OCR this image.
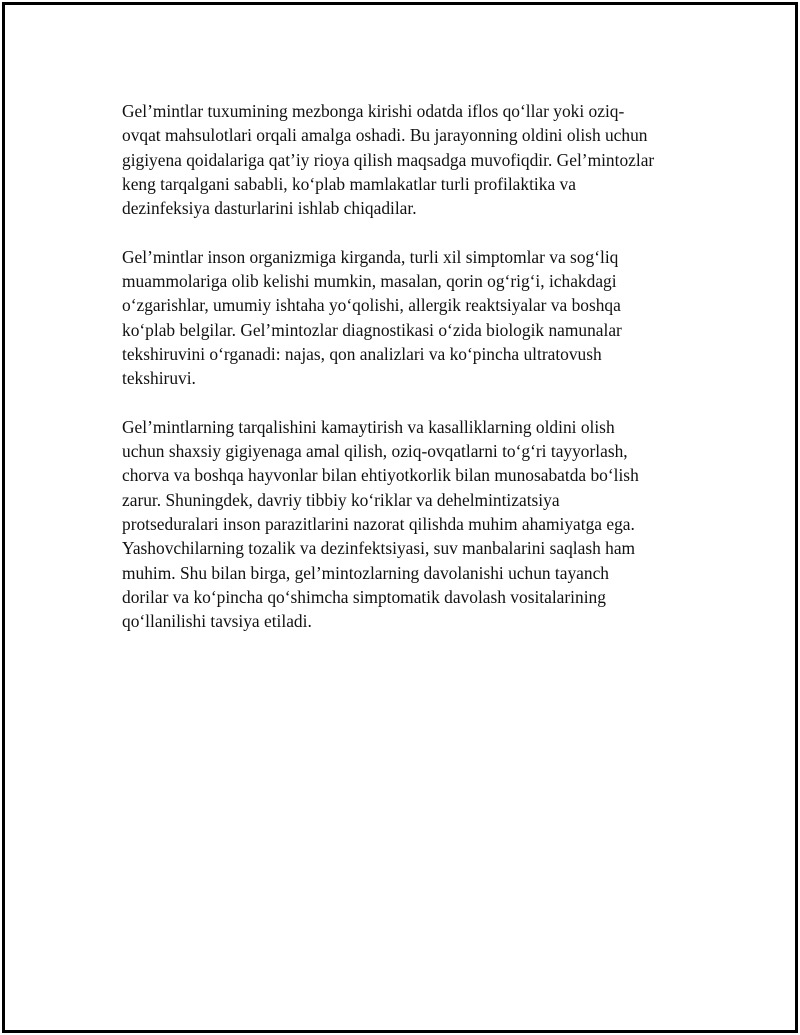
Gel’mintlar tuxumining mezbonga kirishi odatda iflos qo‘llar yoki oziq-
ovqat mahsulotlari orqali amalga oshadi. Bu jarayonning oldini olish uchun
gigiyena qoidalariga qat’iy rioya qilish maqsadga muvofiqdir. Gel’mintozlar
keng tarqalgani sababli, ko‘plab mamlakatlar turli profilaktika va
dezinfeksiya dasturlarini ishlab chiqadilar.

Gel’mintlar inson organizmiga kirganda, turli xil simptomlar va sog‘liq
muammolariga olib kelishi mumkin, masalan, qorin og‘rig‘i, ichakdagi
o‘zgarishlar, umumiy ishtaha yo‘qolishi, allergik reaktsiyalar va boshqa
ko‘plab belgilar. Gel’mintozlar diagnostikasi o‘zida biologik namunalar
tekshiruvini o‘rganadi: najas, qon analizlari va ko‘pincha ultratovush
tekshiruvi.

Gel’mintlarning tarqalishini kamaytirish va kasalliklarning oldini olish
uchun shaxsiy gigiyenaga amal qilish, oziq-ovqatlarni to‘g‘ri tayyorlash,
chorva va boshqa hayvonlar bilan ehtiyotkorlik bilan munosabatda bo‘lish
zarur. Shuningdek, davriy tibbiy ko‘riklar va dehelmintizatsiya
protseduralari inson parazitlarini nazorat qilishda muhim ahamiyatga ega.
Yashovchilarning tozalik va dezinfektsiyasi, suv manbalarini saqlash ham
muhim. Shu bilan birga, gel’mintozlarning davolanishi uchun tayanch
dorilar va ko‘pincha qo‘shimcha simptomatik davolash vositalarining
qo‘llanilishi tavsiya etiladi.
